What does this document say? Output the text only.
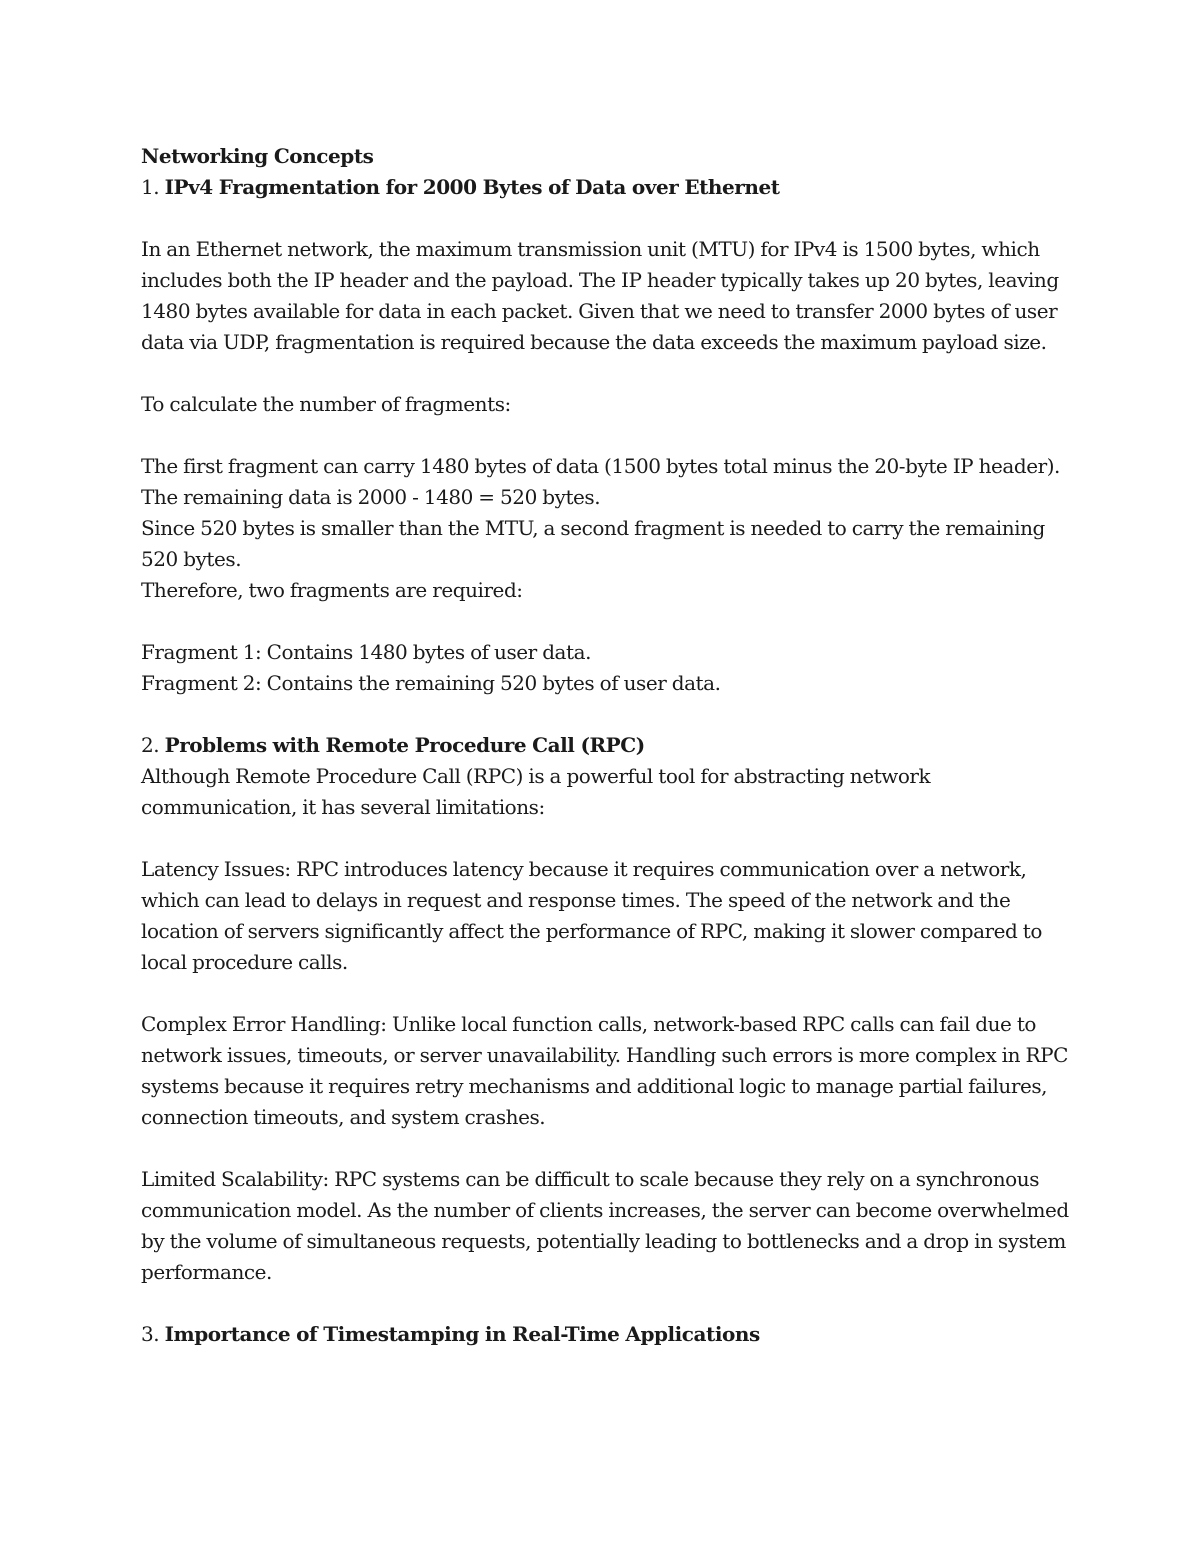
Networking Concepts
1. IPv4 Fragmentation for 2000 Bytes of Data over Ethernet
In an Ethernet network, the maximum transmission unit (MTU) for IPv4 is 1500 bytes, which
includes both the IP header and the payload. The IP header typically takes up 20 bytes, leaving
1480 bytes available for data in each packet. Given that we need to transfer 2000 bytes of user
data via UDP, fragmentation is required because the data exceeds the maximum payload size.
To calculate the number of fragments:
The first fragment can carry 1480 bytes of data (1500 bytes total minus the 20-byte IP header).
The remaining data is 2000 - 1480 = 520 bytes.
Since 520 bytes is smaller than the MTU, a second fragment is needed to carry the remaining
520 bytes.
Therefore, two fragments are required:
Fragment 1: Contains 1480 bytes of user data.
Fragment 2: Contains the remaining 520 bytes of user data.
2. Problems with Remote Procedure Call (RPC)
Although Remote Procedure Call (RPC) is a powerful tool for abstracting network
communication, it has several limitations:
Latency Issues: RPC introduces latency because it requires communication over a network,
which can lead to delays in request and response times. The speed of the network and the
location of servers significantly affect the performance of RPC, making it slower compared to
local procedure calls.
Complex Error Handling: Unlike local function calls, network-based RPC calls can fail due to
network issues, timeouts, or server unavailability. Handling such errors is more complex in RPC
systems because it requires retry mechanisms and additional logic to manage partial failures,
connection timeouts, and system crashes.
Limited Scalability: RPC systems can be difficult to scale because they rely on a synchronous
communication model. As the number of clients increases, the server can become overwhelmed
by the volume of simultaneous requests, potentially leading to bottlenecks and a drop in system
performance.
3. Importance of Timestamping in Real-Time Applications
